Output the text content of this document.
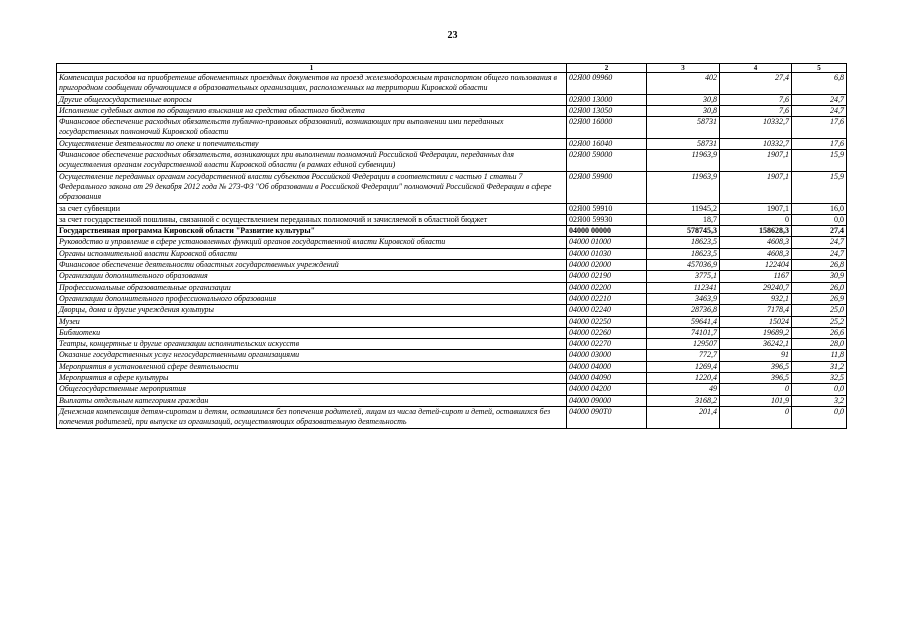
23
1	2	3	4	5
Компенсация расходов на приобретение абонементных проездных документов на проезд железнодорожным транспортом общего пользования в пригородном сообщении обучающимся в образовательных организациях, расположенных на территории Кировской области	02Я00 09960	402	27,4	6,8
Другие общегосударственные вопросы	02Я00 13000	30,8	7,6	24,7
Исполнение судебных актов по обращению взыскания на средства областного бюджета	02Я00 13050	30,8	7,6	24,7
Финансовое обеспечение расходных обязательств публично-правовых образований, возникающих при выполнении ими переданных государственных полномочий Кировской области	02Я00 16000	58731	10332,7	17,6
Осуществление деятельности по опеке и попечительству	02Я00 16040	58731	10332,7	17,6
Финансовое обеспечение расходных обязательств, возникающих при выполнении полномочий Российской Федерации, переданных для осуществления органам государственной власти Кировской области (в рамках единой субвенции)	02Я00 59000	11963,9	1907,1	15,9
Осуществление переданных органам государственной власти субъектов Российской Федерации в соответствии с частью 1 статьи 7 Федерального закона от 29 декабря 2012 года № 273-ФЗ "Об образовании в Российской Федерации" полномочий Российской Федерации в сфере образования	02Я00 59900	11963,9	1907,1	15,9
за счет субвенции	02Я00 59910	11945,2	1907,1	16,0
за счет государственной пошлины, связанной с осуществлением переданных полномочий и зачисляемой в областной бюджет	02Я00 59930	18,7	0	0,0
Государственная программа Кировской области "Развитие культуры"	04000 00000	578745,3	158628,3	27,4
Руководство и управление в сфере установленных функций органов государственной власти Кировской области	04000 01000	18623,5	4608,3	24,7
Органы исполнительной власти Кировской области	04000 01030	18623,5	4608,3	24,7
Финансовое обеспечение деятельности областных государственных учреждений	04000 02000	457036,9	122404	26,8
Организации дополнительного образования	04000 02190	3775,1	1167	30,9
Профессиональные образовательные организации	04000 02200	112341	29240,7	26,0
Организации дополнительного профессионального образования	04000 02210	3463,9	932,1	26,9
Дворцы, дома и другие учреждения культуры	04000 02240	28736,8	7178,4	25,0
Музеи	04000 02250	59641,4	15024	25,2
Библиотеки	04000 02260	74101,7	19689,2	26,6
Театры, концертные и другие организации исполнительских искусств	04000 02270	129507	36242,1	28,0
Оказание государственных услуг негосударственными организациями	04000 03000	772,7	91	11,8
Мероприятия в установленной сфере деятельности	04000 04000	1269,4	396,5	31,2
Мероприятия в сфере культуры	04000 04090	1220,4	396,5	32,5
Общегосударственные мероприятия	04000 04200	49	0	0,0
Выплаты отдельным категориям граждан	04000 09000	3168,2	101,9	3,2
Денежная компенсация детям-сиротам и детям, оставшимся без попечения родителей, лицам из числа детей-сирот и детей, оставшихся без попечения родителей, при выпуске из организаций, осуществляющих образовательную деятельность	04000 090Т0	201,4	0	0,0
